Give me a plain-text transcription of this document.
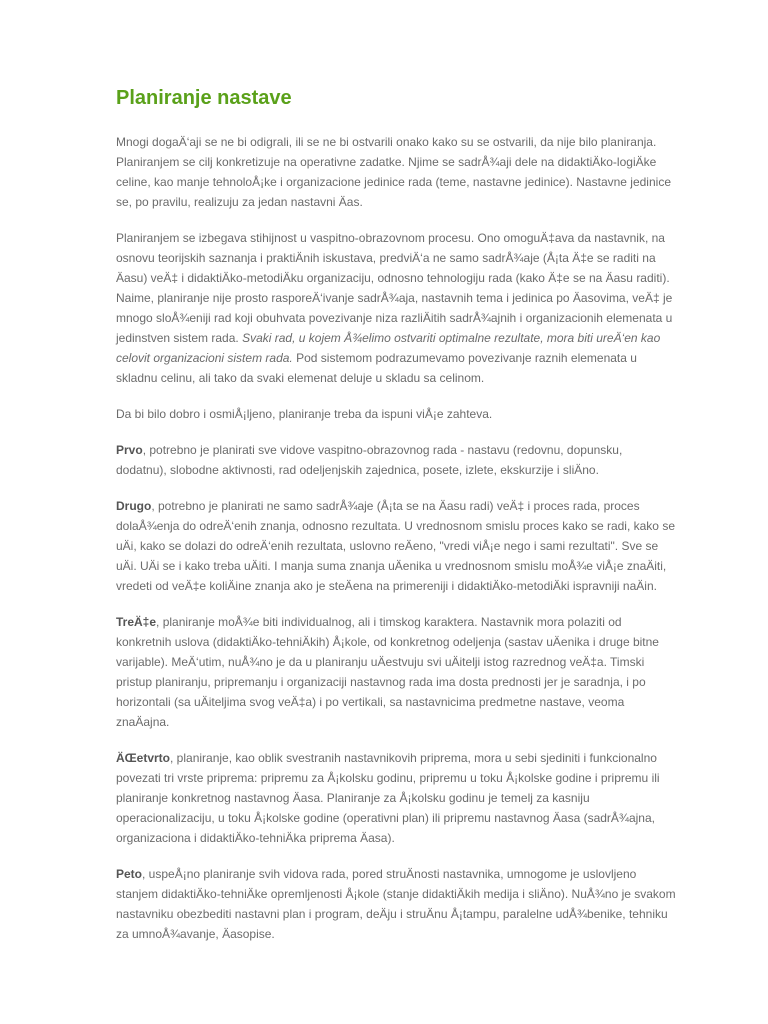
Planiranje nastave

Mnogi dogaÄ‘aji se ne bi odigrali, ili se ne bi ostvarili onako kako su se ostvarili, da nije bilo planiranja. Planiranjem se cilj konkretizuje na operativne zadatke. Njime se sadrÅ¾aji dele na didaktiÄko-logiÄke celine, kao manje tehnoloÅ¡ke i organizacione jedinice rada (teme, nastavne jedinice). Nastavne jedinice se, po pravilu, realizuju za jedan nastavni Äas.

Planiranjem se izbegava stihijnost u vaspitno-obrazovnom procesu. Ono omoguÄ‡ava da nastavnik, na osnovu teorijskih saznanja i praktiÄnih iskustava, predviÄ‘a ne samo sadrÅ¾aje (Å¡ta Ä‡e se raditi na Äasu) veÄ‡ i didaktiÄko-metodiÄku organizaciju, odnosno tehnologiju rada (kako Ä‡e se na Äasu raditi). Naime, planiranje nije prosto rasporeÄ‘ivanje sadrÅ¾aja, nastavnih tema i jedinica po Äasovima, veÄ‡ je mnogo sloÅ¾eniji rad koji obuhvata povezivanje niza razliÄitih sadrÅ¾ajnih i organizacionih elemenata u jedinstven sistem rada. Svaki rad, u kojem Å¾elimo ostvariti optimalne rezultate, mora biti ureÄ‘en kao celovit organizacioni sistem rada. Pod sistemom podrazumevamo povezivanje raznih elemenata u skladnu celinu, ali tako da svaki elemenat deluje u skladu sa celinom.

Da bi bilo dobro i osmiÅ¡ljeno, planiranje treba da ispuni viÅ¡e zahteva.

Prvo, potrebno je planirati sve vidove vaspitno-obrazovnog rada - nastavu (redovnu, dopunsku, dodatnu), slobodne aktivnosti, rad odeljenjskih zajednica, posete, izlete, ekskurzije i sliÄno.

Drugo, potrebno je planirati ne samo sadrÅ¾aje (Å¡ta se na Äasu radi) veÄ‡ i proces rada, proces dolaÅ¾enja do odreÄ‘enih znanja, odnosno rezultata. U vrednosnom smislu proces kako se radi, kako se uÄi, kako se dolazi do odreÄ‘enih rezultata, uslovno reÄeno, "vredi viÅ¡e nego i sami rezultati". Sve se uÄi. UÄi se i kako treba uÄiti. I manja suma znanja uÄenika u vrednosnom smislu moÅ¾e viÅ¡e znaÄiti, vredeti od veÄ‡e koliÄine znanja ako je steÄena na primereniji i didaktiÄko-metodiÄki ispravniji naÄin.

TreÄ‡e, planiranje moÅ¾e biti individualnog, ali i timskog karaktera. Nastavnik mora polaziti od konkretnih uslova (didaktiÄko-tehniÄkih) Å¡kole, od konkretnog odeljenja (sastav uÄenika i druge bitne varijable). MeÄ‘utim, nuÅ¾no je da u planiranju uÄestvuju svi uÄitelji istog razrednog veÄ‡a. Timski pristup planiranju, pripremanju i organizaciji nastavnog rada ima dosta prednosti jer je saradnja, i po horizontali (sa uÄiteljima svog veÄ‡a) i po vertikali, sa nastavnicima predmetne nastave, veoma znaÄajna.

ÄŒetvrto, planiranje, kao oblik svestranih nastavnikovih priprema, mora u sebi sjediniti i funkcionalno povezati tri vrste priprema: pripremu za Å¡kolsku godinu, pripremu u toku Å¡kolske godine i pripremu ili planiranje konkretnog nastavnog Äasa. Planiranje za Å¡kolsku godinu je temelj za kasniju operacionalizaciju, u toku Å¡kolske godine (operativni plan) ili pripremu nastavnog Äasa (sadrÅ¾ajna, organizaciona i didaktiÄko-tehniÄka priprema Äasa).

Peto, uspeÅ¡no planiranje svih vidova rada, pored struÄnosti nastavnika, umnogome je uslovljeno stanjem didaktiÄko-tehniÄke opremljenosti Å¡kole (stanje didaktiÄkih medija i sliÄno). NuÅ¾no je svakom nastavniku obezbediti nastavni plan i program, deÄju i struÄnu Å¡tampu, paralelne udÅ¾benike, tehniku za umnoÅ¾avanje, Äasopise.
